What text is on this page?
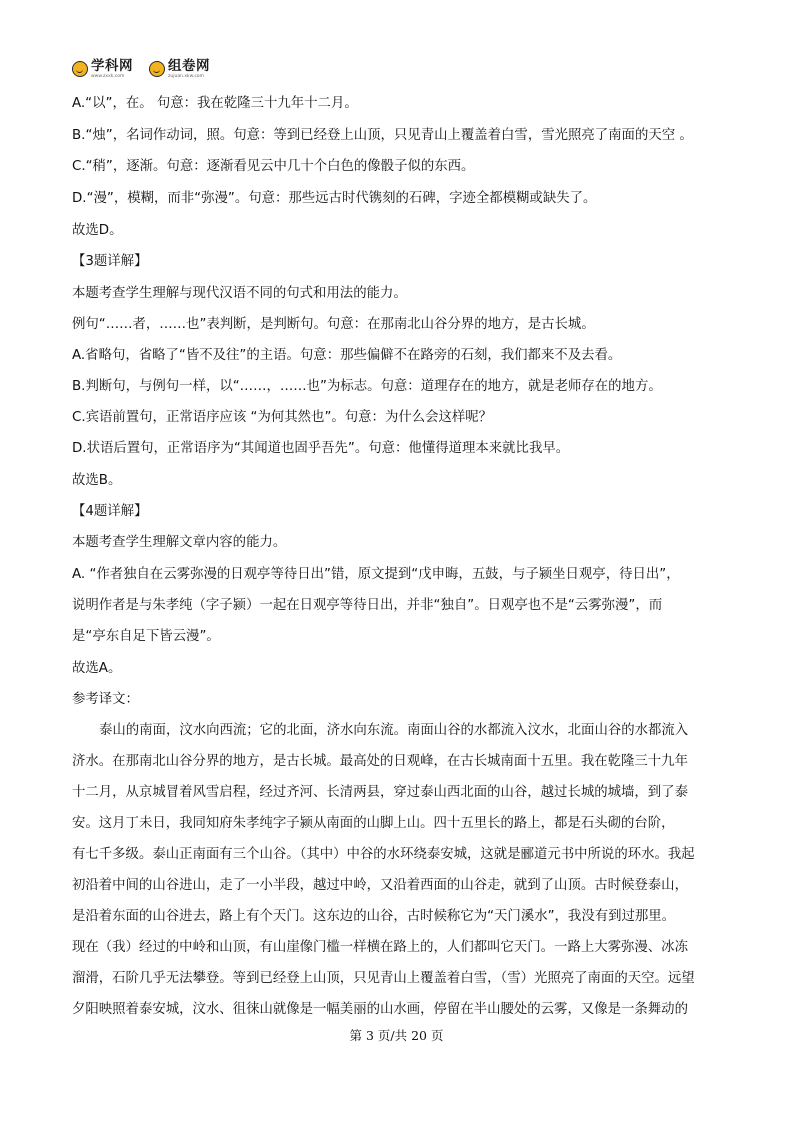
学科网
www.zxxk.com
组卷网
zujuan.xkw.com
A.“以”，在。 句意：我在乾隆三十九年十二月。
B.“烛”，名词作动词，照。句意：等到已经登上山顶，只见青山上覆盖着白雪，雪光照亮了南面的天空 。
C.“稍”，逐渐。句意：逐渐看见云中几十个白色的像骰子似的东西。
D.“漫”，模糊，而非“弥漫”。句意：那些远古时代镌刻的石碑，字迹全都模糊或缺失了。
故选D。
【3题详解】
本题考查学生理解与现代汉语不同的句式和用法的能力。
例句“……者，……也”表判断，是判断句。句意：在那南北山谷分界的地方，是古长城。
A.省略句，省略了“皆不及往”的主语。句意：那些偏僻不在路旁的石刻，我们都来不及去看。
B.判断句，与例句一样，以“……，……也”为标志。句意：道理存在的地方，就是老师存在的地方。
C.宾语前置句，正常语序应该 “为何其然也”。句意：为什么会这样呢？
D.状语后置句，正常语序为“其闻道也固乎吾先”。句意：他懂得道理本来就比我早。
故选B。
【4题详解】
本题考查学生理解文章内容的能力。
A. “作者独自在云雾弥漫的日观亭等待日出”错，原文提到“戊申晦，五鼓，与子颍坐日观亭，待日出”，
说明作者是与朱孝纯（字子颍）一起在日观亭等待日出，并非“独自”。日观亭也不是“云雾弥漫”，而
是“亭东自足下皆云漫”。
故选A。
参考译文：
泰山的南面，汶水向西流；它的北面，济水向东流。南面山谷的水都流入汶水，北面山谷的水都流入
济水。在那南北山谷分界的地方，是古长城。最高处的日观峰，在古长城南面十五里。我在乾隆三十九年
十二月，从京城冒着风雪启程，经过齐河、长清两县，穿过泰山西北面的山谷，越过长城的城墙，到了泰
安。这月丁未日，我同知府朱孝纯字子颍从南面的山脚上山。四十五里长的路上，都是石头砌的台阶，
有七千多级。泰山正南面有三个山谷。（其中）中谷的水环绕泰安城，这就是郦道元书中所说的环水。我起
初沿着中间的山谷进山，走了一小半段，越过中岭，又沿着西面的山谷走，就到了山顶。古时候登泰山，
是沿着东面的山谷进去，路上有个天门。这东边的山谷，古时候称它为“天门溪水”，我没有到过那里。
现在（我）经过的中岭和山顶，有山崖像门槛一样横在路上的，人们都叫它天门。一路上大雾弥漫、冰冻
溜滑，石阶几乎无法攀登。等到已经登上山顶，只见青山上覆盖着白雪，（雪）光照亮了南面的天空。远望
夕阳映照着泰安城，汶水、徂徕山就像是一幅美丽的山水画，停留在半山腰处的云雾，又像是一条舞动的
第 3 页/共 20 页
